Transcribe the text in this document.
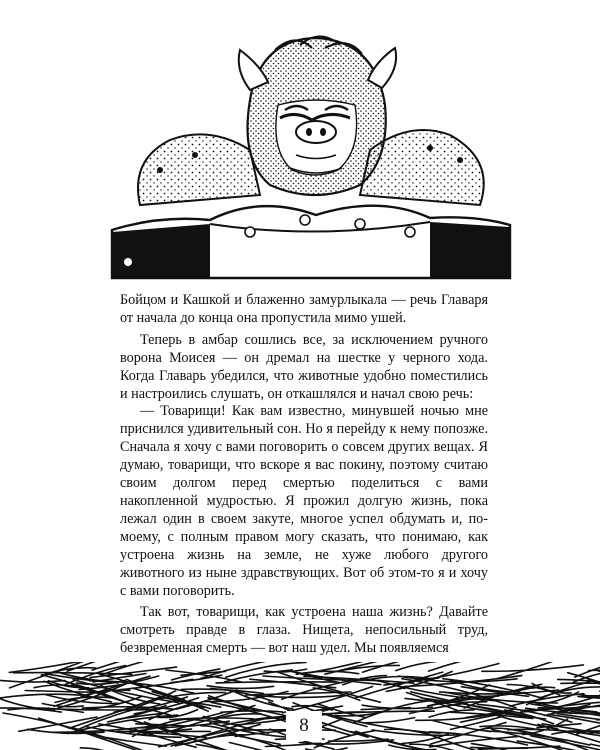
Бойцом и Кашкой и блаженно замурлыкала — речь Главаря от начала до конца она пропустила мимо ушей.

Теперь в амбар сошлись все, за исключением ручного ворона Моисея — он дремал на шестке у черного хода. Когда Главарь убедился, что животные удобно поместились и настроились слушать, он откашлялся и начал свою речь:

— Товарищи! Как вам известно, минувшей ночью мне приснился удивительный сон. Но я перейду к нему попозже. Сначала я хочу с вами поговорить о совсем других вещах. Я думаю, товарищи, что вскоре я вас покину, поэтому считаю своим долгом перед смертью поделиться с вами накопленной мудростью. Я прожил долгую жизнь, пока лежал один в своем закуте, многое успел обдумать и, по-моему, с полным правом могу сказать, что понимаю, как устроена жизнь на земле, не хуже любого другого животного из ныне здравствующих. Вот об этом-то я и хочу с вами поговорить.

Так вот, товарищи, как устроена наша жизнь? Давайте смотреть правде в глаза. Нищета, непосильный труд, безвременная смерть — вот наш удел. Мы появляемся

8
